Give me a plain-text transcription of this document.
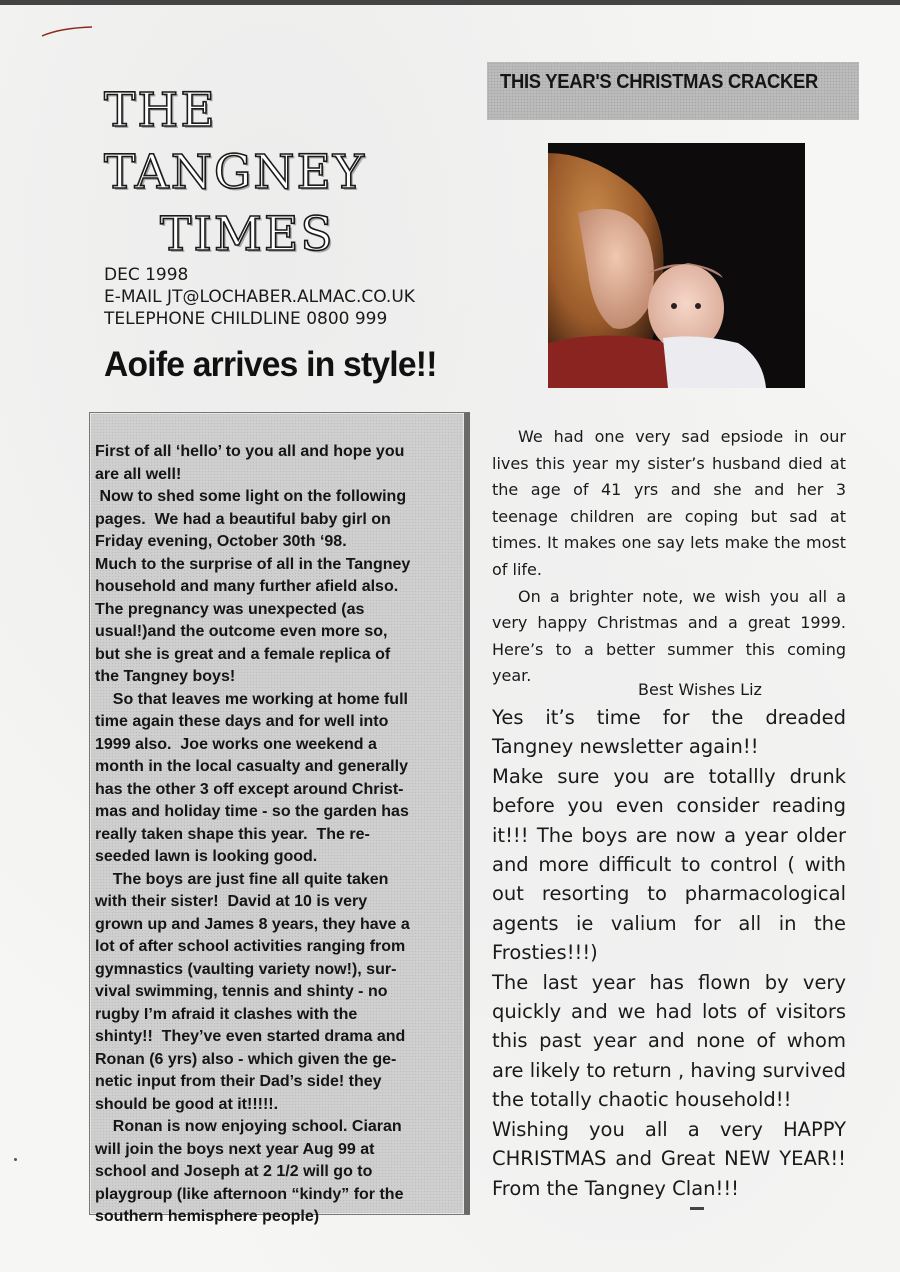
THE
TANGNEY
TIMES
DEC 1998
E-MAIL JT@LOCHABER.ALMAC.CO.UK
TELEPHONE CHILDLINE 0800 999
Aoife arrives in style!!

First of all ‘hello’ to you all and hope you

are all well!

Now to shed some light on the following

pages.  We had a beautiful baby girl on

Friday evening, October 30th ‘98.

Much to the surprise of all in the Tangney

household and many further afield also.

The pregnancy was unexpected (as

usual!)and the outcome even more so,

but she is great and a female replica of

the Tangney boys!

So that leaves me working at home full

time again these days and for well into

1999 also.  Joe works one weekend a

month in the local casualty and generally

has the other 3 off except around Christ-

mas and holiday time - so the garden has

really taken shape this year.  The re-

seeded lawn is looking good.

The boys are just fine all quite taken

with their sister!  David at 10 is very

grown up and James 8 years, they have a

lot of after school activities ranging from

gymnastics (vaulting variety now!), sur-

vival swimming, tennis and shinty - no

rugby I’m afraid it clashes with the

shinty!!  They’ve even started drama and

Ronan (6 yrs) also - which given the ge-

netic input from their Dad’s side! they

should be good at it!!!!!.

Ronan is now enjoying school. Ciaran

will join the boys next year Aug 99 at

school and Joseph at 2 1/2 will go to

playgroup (like afternoon “kindy” for the

southern hemisphere people)

THIS YEAR'S CHRISTMAS CRACKER

We had one very sad epsiode in our lives this year my sister’s husband died at the age of 41 yrs and she and her 3 teenage children are coping but sad at times. It makes one say lets make the most of life.

On a brighter note, we wish you all a very happy Christmas and a great 1999. Here’s to a better summer this coming year.

Best Wishes Liz

Yes it’s time for the dreaded Tangney newsletter again!!

Make sure you are totallly drunk before you even consider reading it!!! The boys are now a year older and more difficult to control ( with out resorting to pharmacological agents ie valium for all in the Frosties!!!)

The last year has flown by very quickly and we had lots of visitors this past year and none of whom are likely to return , having survived the totally chaotic household!!

Wishing you all a very HAPPY CHRISTMAS and Great NEW YEAR!! From the Tangney Clan!!!
